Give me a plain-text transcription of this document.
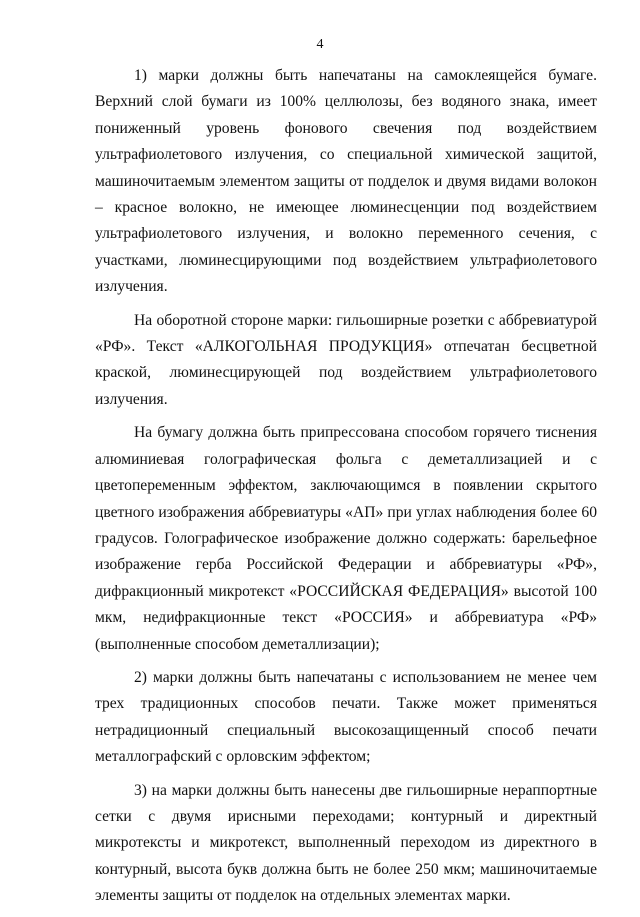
4

1) марки должны быть напечатаны на самоклеящейся бумаге. Верхний слой бумаги из 100% целлюлозы, без водяного знака, имеет пониженный уровень фонового свечения под воздействием ультрафиолетового излучения, со специальной химической защитой, машиночитаемым элементом защиты от подделок и двумя видами волокон – красное волокно, не имеющее люминесценции под воздействием ультрафиолетового излучения, и волокно переменного сечения, с участками, люминесцирующими под воздействием ультрафиолетового излучения.

На оборотной стороне марки: гильоширные розетки с аббревиатурой «РФ». Текст «АЛКОГОЛЬНАЯ ПРОДУКЦИЯ» отпечатан бесцветной краской, люминесцирующей под воздействием ультрафиолетового излучения.

На бумагу должна быть припрессована способом горячего тиснения алюминиевая голографическая фольга с деметаллизацией и с цветопеременным эффектом, заключающимся в появлении скрытого цветного изображения аббревиатуры «АП» при углах наблюдения более 60 градусов. Голографическое изображение должно содержать: барельефное изображение герба Российской Федерации и аббревиатуры «РФ», дифракционный микротекст «РОССИЙСКАЯ ФЕДЕРАЦИЯ» высотой 100 мкм, недифракционные текст «РОССИЯ» и аббревиатура «РФ» (выполненные способом деметаллизации);

2) марки должны быть напечатаны с использованием не менее чем трех традиционных способов печати. Также может применяться нетрадиционный специальный высокозащищенный способ печати металлографский с орловским эффектом;

3) на марки должны быть нанесены две гильоширные нераппортные сетки с двумя ирисными переходами; контурный и директный микротексты и микротекст, выполненный переходом из директного в контурный, высота букв должна быть не более 250 мкм; машиночитаемые элементы защиты от подделок на отдельных элементах марки.
